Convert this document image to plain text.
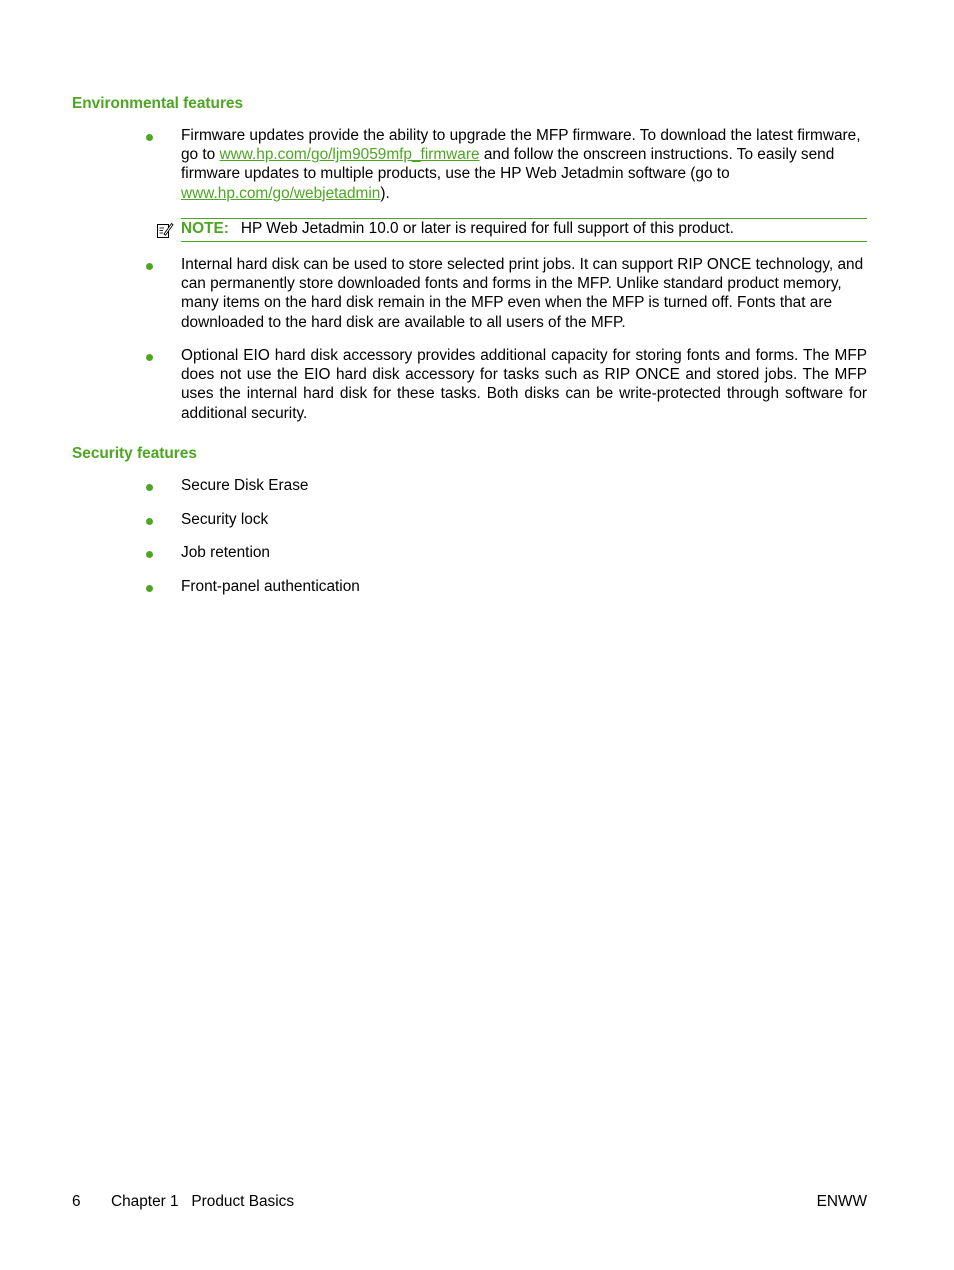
Environmental features

Firmware updates provide the ability to upgrade the MFP firmware. To download the latest firmware, go to www.hp.com/go/ljm9059mfp_firmware and follow the onscreen instructions. To easily send firmware updates to multiple products, use the HP Web Jetadmin software (go to www.hp.com/go/webjetadmin).

NOTE: HP Web Jetadmin 10.0 or later is required for full support of this product.

Internal hard disk can be used to store selected print jobs. It can support RIP ONCE technology, and can permanently store downloaded fonts and forms in the MFP. Unlike standard product memory, many items on the hard disk remain in the MFP even when the MFP is turned off. Fonts that are downloaded to the hard disk are available to all users of the MFP.

Optional EIO hard disk accessory provides additional capacity for storing fonts and forms. The MFP does not use the EIO hard disk accessory for tasks such as RIP ONCE and stored jobs. The MFP uses the internal hard disk for these tasks. Both disks can be write-protected through software for additional security.

Security features

Secure Disk Erase

Security lock

Job retention

Front-panel authentication

6 Chapter 1   Product Basics	ENWW
